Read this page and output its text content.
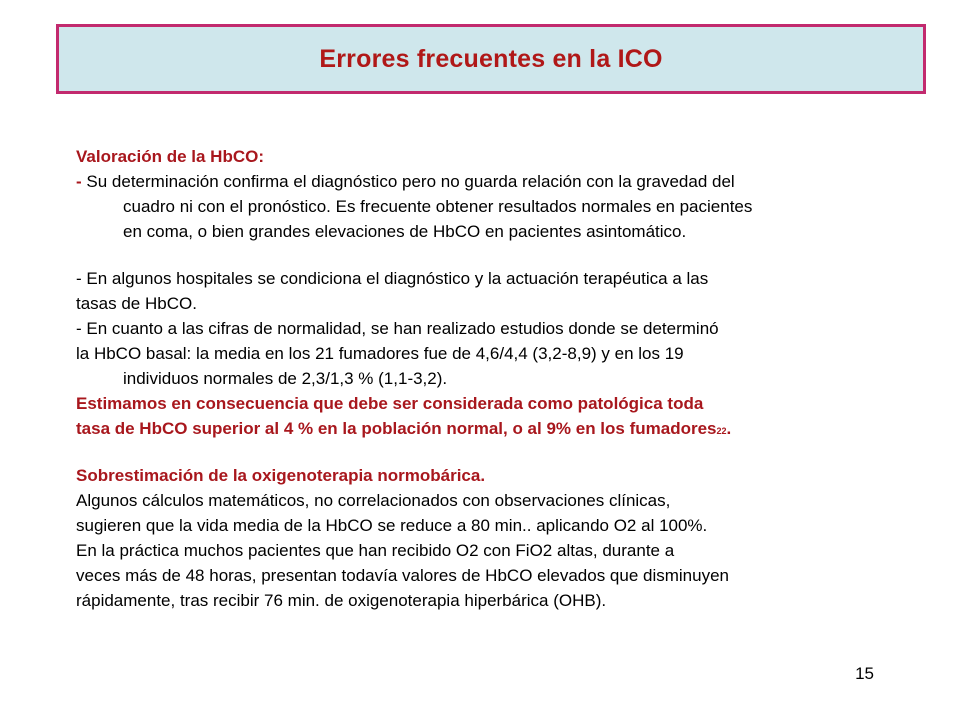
Errores frecuentes en la ICO
Valoración de la HbCO:
- Su determinación confirma el diagnóstico pero no guarda relación con la gravedad del
cuadro ni con el pronóstico. Es frecuente obtener resultados normales en pacientes
en coma, o bien grandes elevaciones de HbCO en pacientes asintomático.
- En algunos hospitales se condiciona el diagnóstico y la actuación terapéutica a las
tasas de HbCO.
- En cuanto a las cifras de normalidad, se han realizado estudios donde se determinó
la HbCO basal: la media en los 21 fumadores fue de 4,6/4,4 (3,2-8,9) y en los 19
individuos normales de 2,3/1,3 % (1,1-3,2).
Estimamos en consecuencia que debe ser considerada como patológica toda
tasa de HbCO superior al 4 % en la población normal, o al 9% en los fumadores22.
Sobrestimación de la oxigenoterapia normobárica.
Algunos cálculos matemáticos, no correlacionados con observaciones clínicas,
sugieren que la vida media de la HbCO se reduce a 80 min.. aplicando O2 al 100%.
En la práctica muchos pacientes que han recibido O2 con FiO2 altas, durante a
veces más de 48 horas, presentan todavía valores de HbCO elevados que disminuyen
rápidamente, tras recibir 76 min. de oxigenoterapia hiperbárica (OHB).
15
